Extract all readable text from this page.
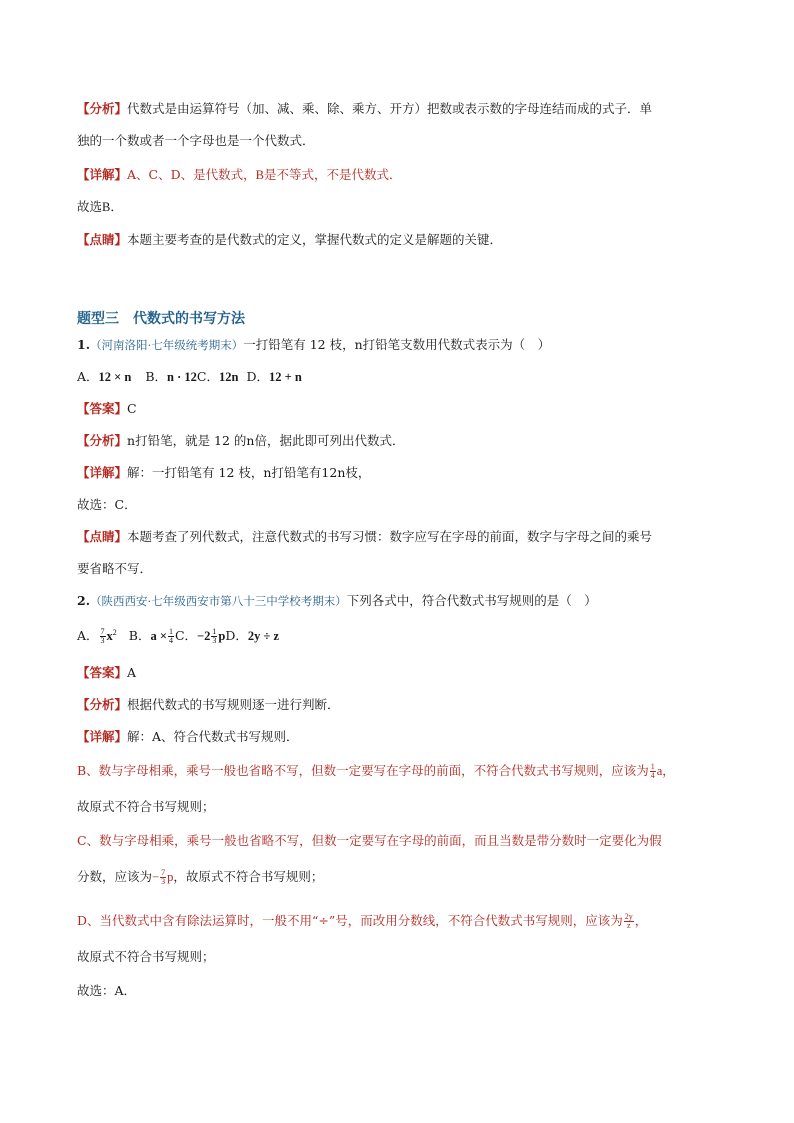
【分析】代数式是由运算符号（加、减、乘、除、乘方、开方）把数或表示数的字母连结而成的式子．单
独的一个数或者一个字母也是一个代数式．
【详解】A、C、D、是代数式，B是不等式，不是代数式．
故选B．
【点睛】本题主要考查的是代数式的定义，掌握代数式的定义是解题的关键．
题型三　代数式的书写方法
1.（河南洛阳·七年级统考期末）一打铅笔有 12 枝，n打铅笔支数用代数式表示为（　）
A．12 × n B．n · 12C．12n D．12 + n
【答案】C
【分析】n打铅笔，就是 12 的n倍，据此即可列出代数式．
【详解】解：一打铅笔有 12 枝，n打铅笔有12n枝，
故选：C．
【点睛】本题考查了列代数式，注意代数式的书写习惯：数字应写在字母的前面，数字与字母之间的乘号
要省略不写．
2.（陕西西安·七年级西安市第八十三中学校考期末）下列各式中，符合代数式书写规则的是（　）
A． $\frac{7}{3} x^2$ B．$a \times \frac{1}{4}$ C．$-2 \frac{1}{3}$ pD．2y ÷ z
【答案】A
【分析】根据代数式的书写规则逐一进行判断．
【详解】解：A、符合代数式书写规则．
B、数与字母相乘，乘号一般也省略不写，但数一定要写在字母的前面，不符合代数式书写规则，应该为 $\frac{1}{4}$ a，
故原式不符合书写规则；
C、数与字母相乘，乘号一般也省略不写，但数一定要写在字母的前面，而且当数是带分数时一定要化为假
分数，应该为− $\frac{7}{3}$ p，故原式不符合书写规则；
D、当代数式中含有除法运算时，一般不用“÷”号，而改用分数线，不符合代数式书写规则，应该为 $\frac{2y}{z}$ ，
故原式不符合书写规则；
故选：A．
